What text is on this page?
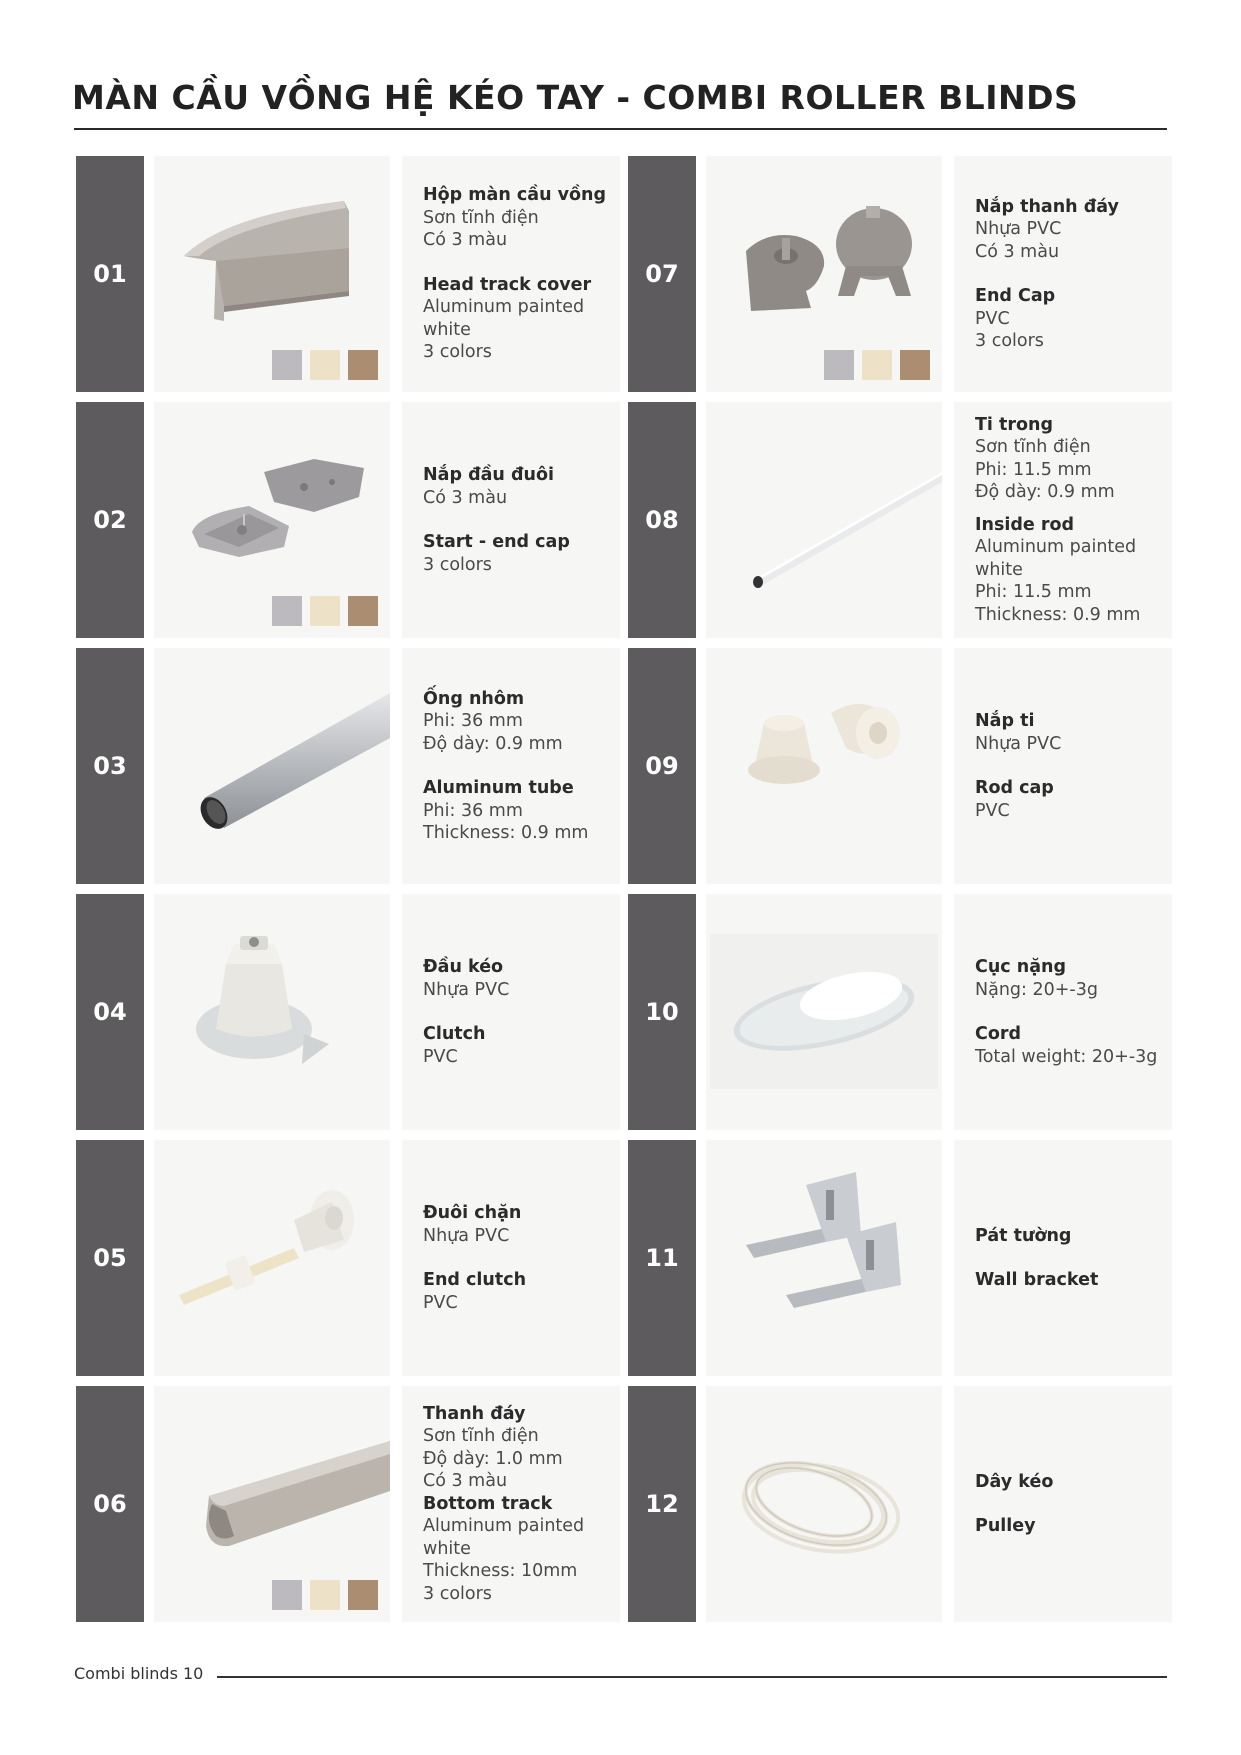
MÀN CẦU VỒNG HỆ KÉO TAY - COMBI ROLLER BLINDS
01
Hộp màn cầu vồng
Sơn tĩnh điện
Có 3 màu
Head track cover
Aluminum painted
white
3 colors
02
Nắp đầu đuôi
Có 3 màu
Start - end cap
3 colors
03
Ống nhôm
Phi: 36 mm
Độ dày: 0.9 mm
Aluminum tube
Phi: 36 mm
Thickness: 0.9 mm
04
Đầu kéo
Nhựa PVC
Clutch
PVC
05
Đuôi chặn
Nhựa PVC
End clutch
PVC
06
Thanh đáy
Sơn tĩnh điện
Độ dày: 1.0 mm
Có 3 màu
Bottom track
Aluminum painted
white
Thickness: 10mm
3 colors
07
Nắp thanh đáy
Nhựa PVC
Có 3 màu
End Cap
PVC
3 colors
08
Ti trong
Sơn tĩnh điện
Phi: 11.5 mm
Độ dày: 0.9 mm
Inside rod
Aluminum painted
white
Phi: 11.5 mm
Thickness: 0.9 mm
09
Nắp ti
Nhựa PVC
Rod cap
PVC
10
Cục nặng
Nặng: 20+-3g
Cord
Total weight: 20+-3g
11
Pát tường
Wall bracket
12
Dây kéo
Pulley
Combi blinds 10
